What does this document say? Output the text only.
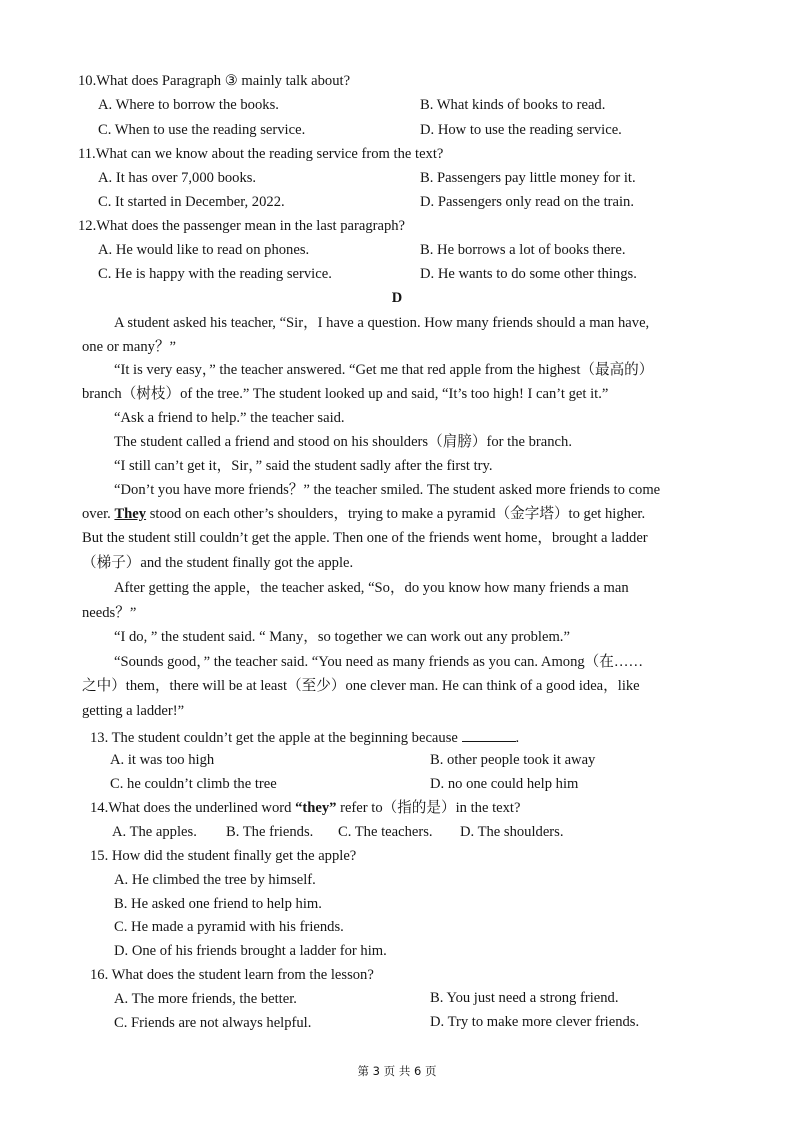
10.What does Paragraph ③ mainly talk about?
A. Where to borrow the books.	B. What kinds of books to read.
C. When to use the reading service.	D. How to use the reading service.
11.What can we know about the reading service from the text?
A. It has over 7,000 books.	B. Passengers pay little money for it.
C. It started in December, 2022.	D. Passengers only read on the train.
12.What does the passenger mean in the last paragraph?
A. He would like to read on phones.	B. He borrows a lot of books there.
C. He is happy with the reading service.	D. He wants to do some other things.
D
A student asked his teacher, “Sir，I have a question. How many friends should a man have,
one or many？”
“It is very easy，” the teacher answered. “Get me that red apple from the highest（最高的）
branch（树枝）of the tree.” The student looked up and said, “It’s too high! I can’t get it.”
“Ask a friend to help.” the teacher said.
The student called a friend and stood on his shoulders（肩膀）for the branch.
“I still can’t get it，Sir，” said the student sadly after the first try.
“Don’t you have more friends？” the teacher smiled. The student asked more friends to come
over. They stood on each other’s shoulders，trying to make a pyramid（金字塔）to get higher.
But the student still couldn’t get the apple. Then one of the friends went home，brought a ladder
（梯子）and the student finally got the apple.
After getting the apple，the teacher asked, “So，do you know how many friends a man
needs？”
“I do, ” the student said. “ Many，so together we can work out any problem.”
“Sounds good，” the teacher said. “You need as many friends as you can. Among（在……
之中）them，there will be at least（至少）one clever man. He can think of a good idea，like
getting a ladder!”
13. The student couldn’t get the apple at the beginning because	.
A. it was too high	B. other people took it away
C. he couldn’t climb the tree	D. no one could help him
14.What does the underlined word “they” refer to（指的是）in the text?
A. The apples. B. The friends. C. The teachers. D. The shoulders.
15. How did the student finally get the apple?
A. He climbed the tree by himself.
B. He asked one friend to help him.
C. He made a pyramid with his friends.
D. One of his friends brought a ladder for him.
16. What does the student learn from the lesson?
A. The more friends, the better.	B. You just need a strong friend.
C. Friends are not always helpful.	D. Try to make more clever friends.
第 3 页 共 6 页
